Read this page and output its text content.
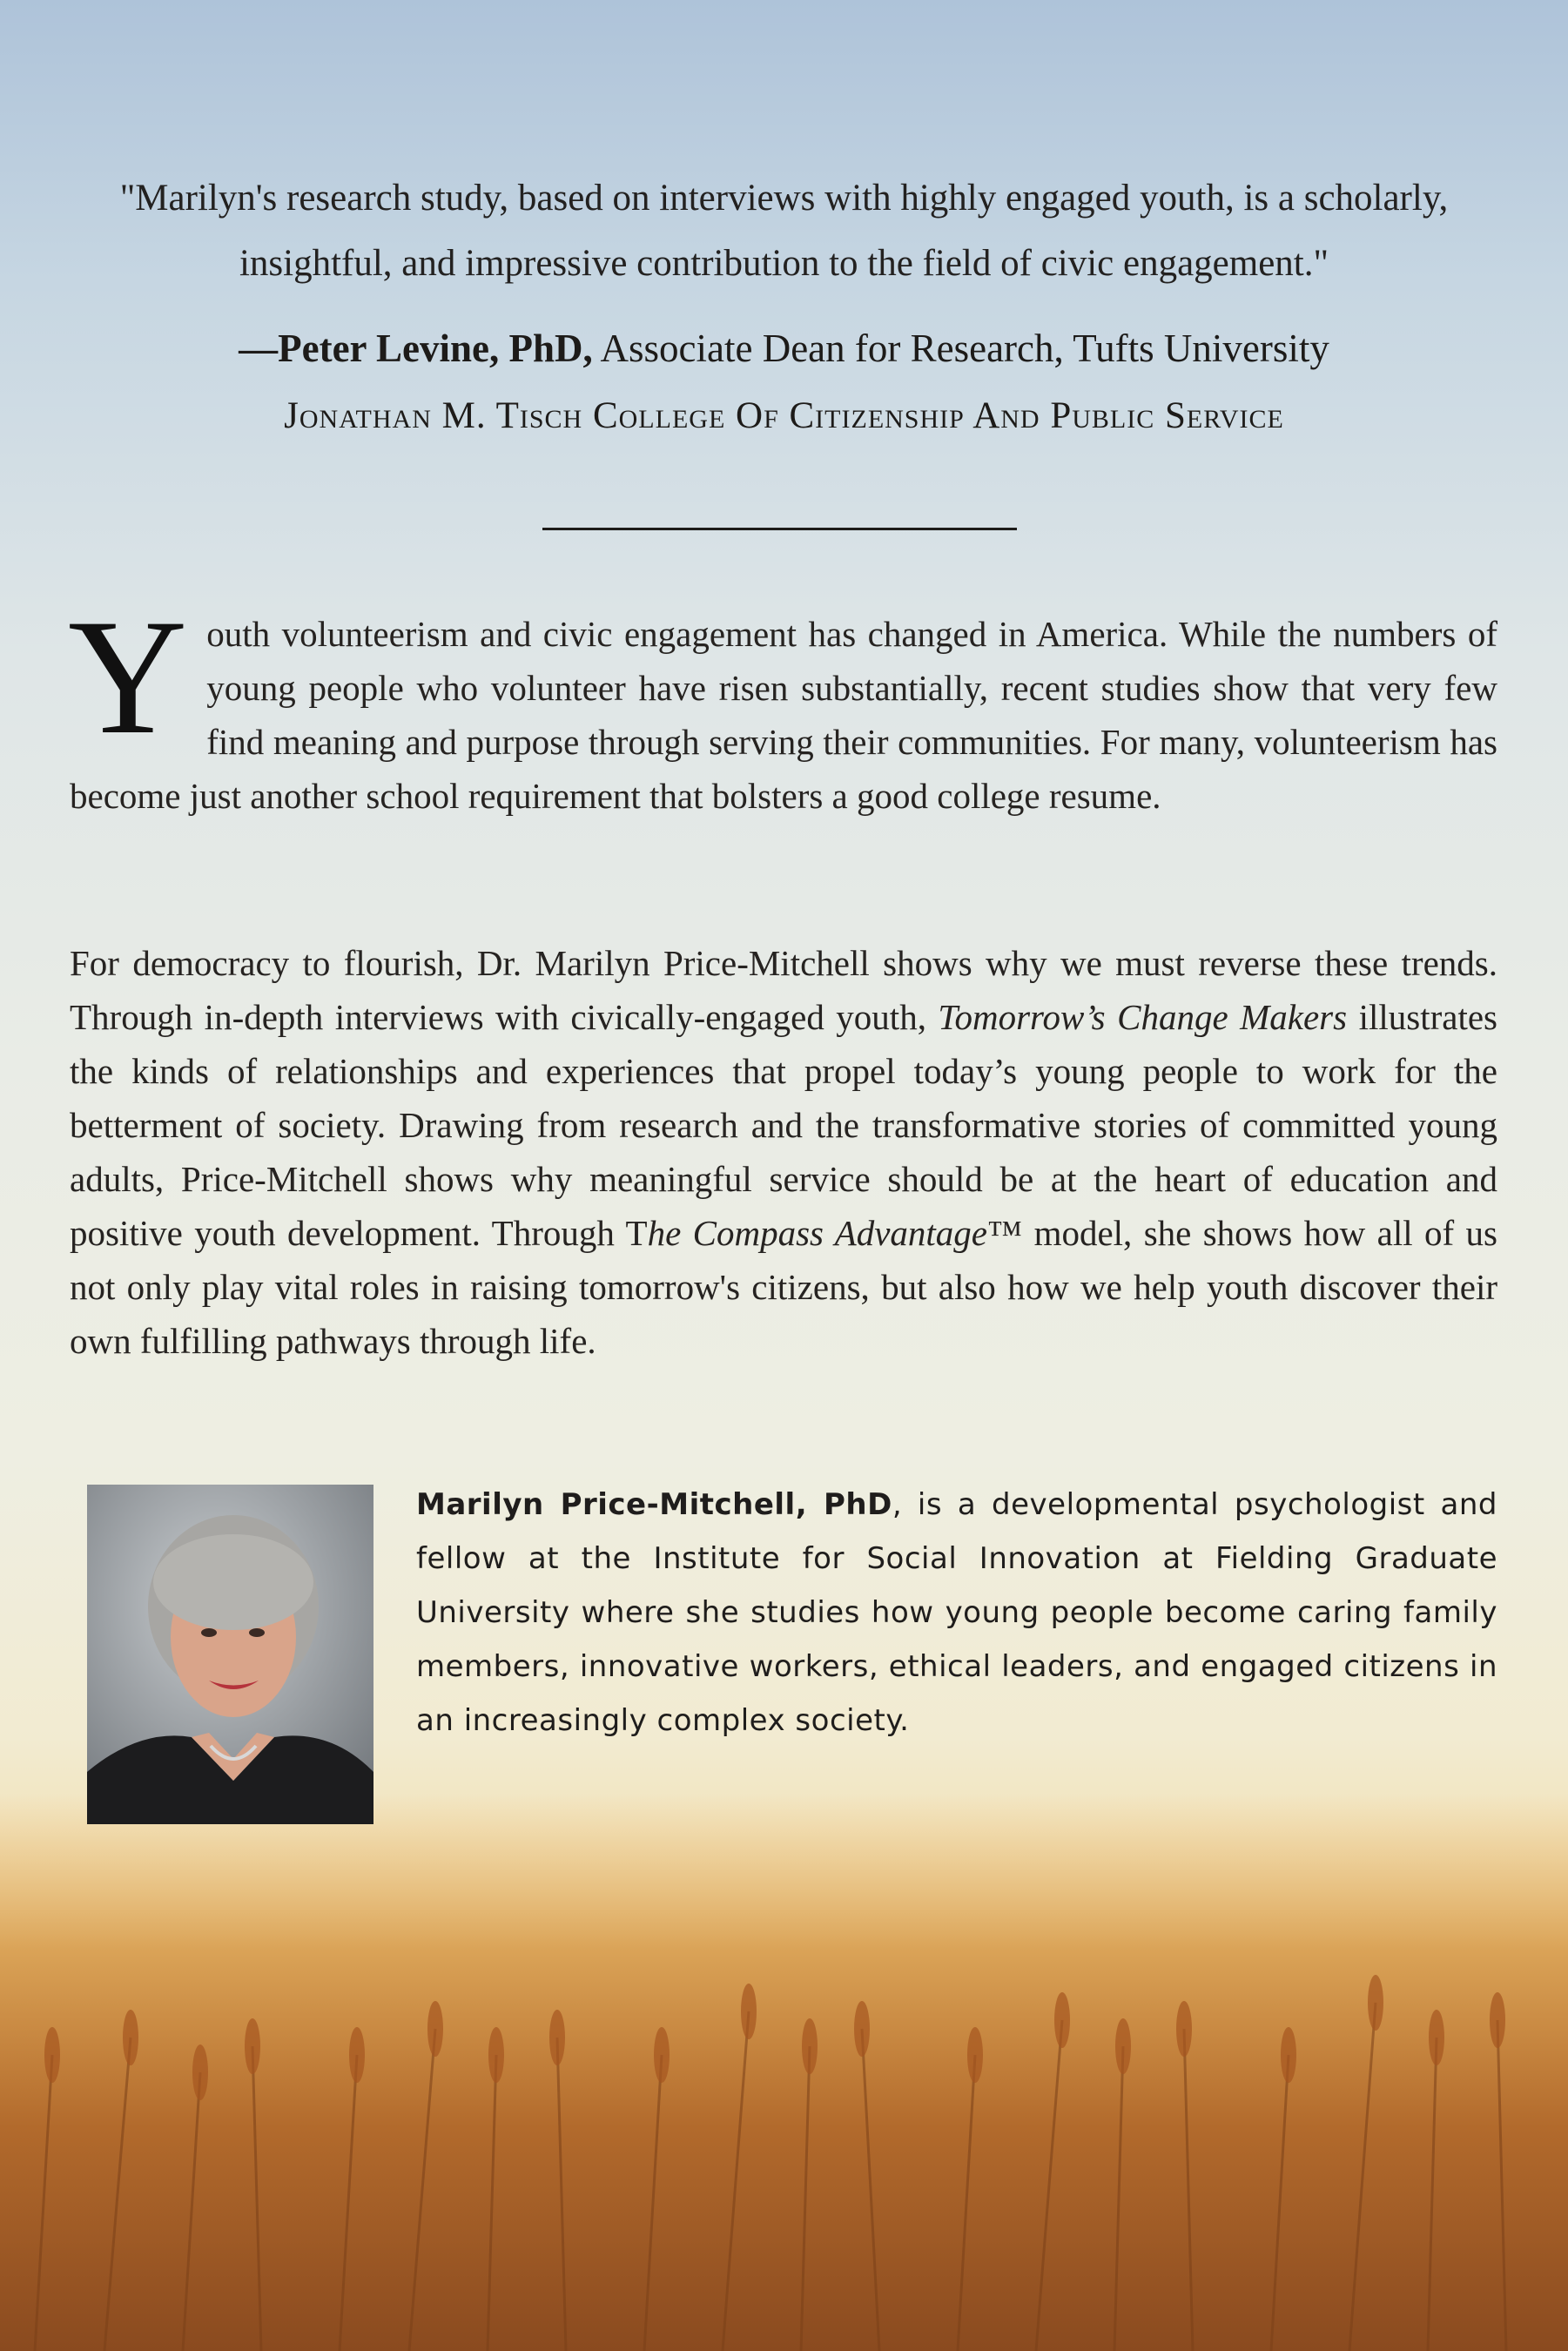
"Marilyn's research study, based on interviews with highly engaged youth, is a scholarly, insightful, and impressive contribution to the field of civic engagement."
—Peter Levine, PhD, Associate Dean for Research, Tufts University
Jonathan M. Tisch College Of Citizenship And Public Service
Youth volunteerism and civic engagement has changed in America. While the numbers of young people who volunteer have risen substantially, recent studies show that very few find meaning and purpose through serving their communities. For many, volunteerism has become just another school requirement that bolsters a good college resume.
For democracy to flourish, Dr. Marilyn Price-Mitchell shows why we must reverse these trends. Through in-depth interviews with civically-engaged youth, Tomorrow’s Change Makers illustrates the kinds of relationships and experiences that propel today’s young people to work for the betterment of society. Drawing from research and the transformative stories of committed young adults, Price-Mitchell shows why meaningful service should be at the heart of education and positive youth development. Through The Compass Advantage™ model, she shows how all of us not only play vital roles in raising tomorrow's citizens, but also how we help youth discover their own fulfilling pathways through life.
Marilyn Price-Mitchell, PhD, is a developmental psychologist and fellow at the Institute for Social Innovation at Fielding Graduate University where she studies how young people become caring family members, innovative workers, ethical leaders, and engaged citizens in an increasingly complex society.
